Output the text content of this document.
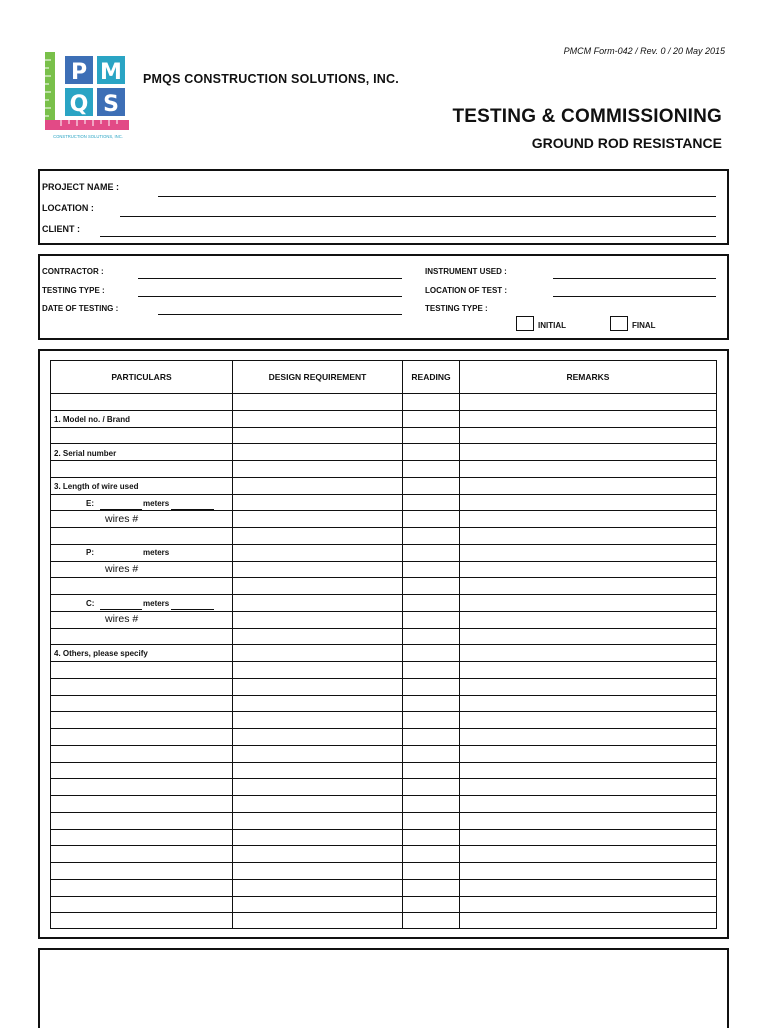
PMCM Form-042 / Rev. 0 / 20 May 2015
P M
Q S
CONSTRUCTION SOLUTIONS, INC.
PMQS CONSTRUCTION SOLUTIONS, INC.
TESTING & COMMISSIONING
GROUND ROD RESISTANCE
PROJECT NAME :
LOCATION :
CLIENT :
CONTRACTOR :
TESTING TYPE :
DATE OF TESTING :
INSTRUMENT USED :
LOCATION OF TEST :
TESTING TYPE :
INITIAL	FINAL
PARTICULARS	DESIGN REQUIREMENT	READING	REMARKS
1. Model no. / Brand
2. Serial number
3. Length of wire used
E:	meters
wires #
P:	meters
wires #
C:	meters
wires #
4. Others, please specify
